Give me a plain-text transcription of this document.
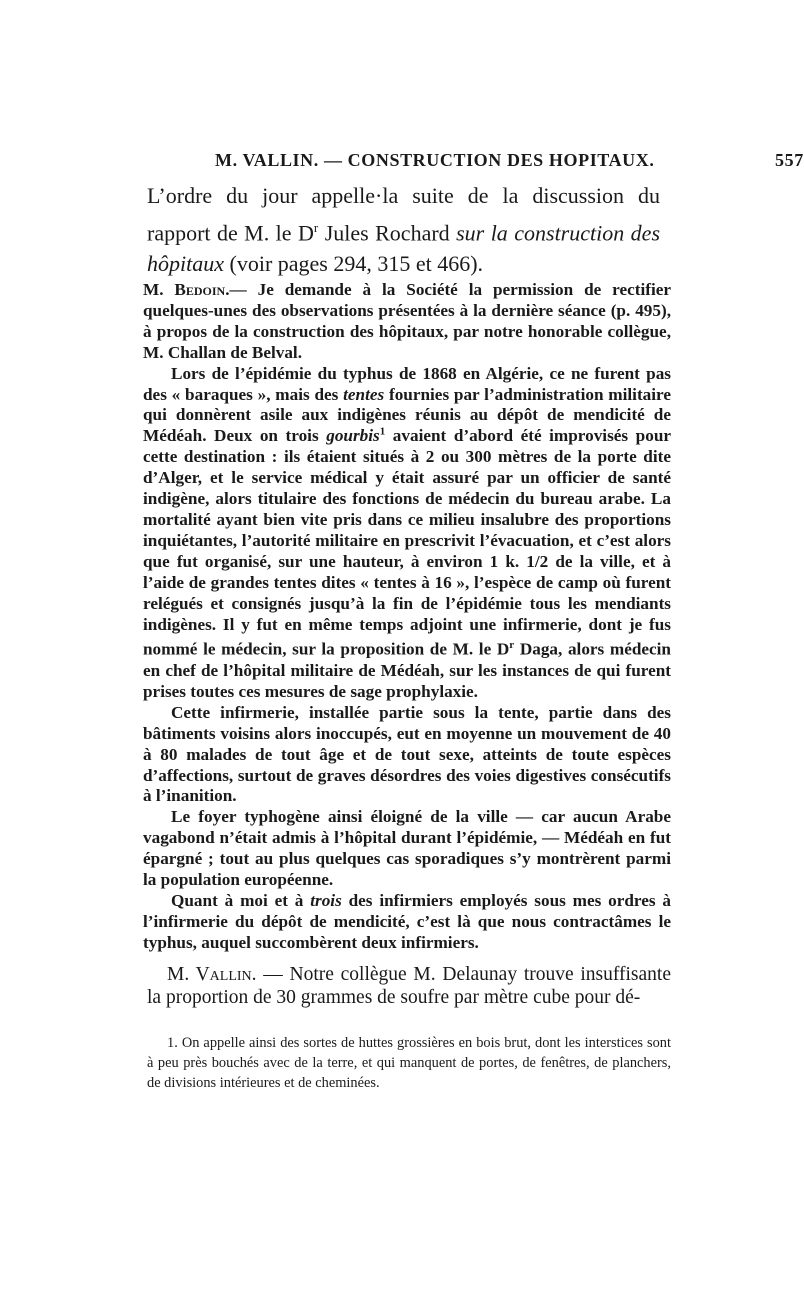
M. VALLIN. — CONSTRUCTION DES HOPITAUX.	557
L’ordre du jour appelle·la suite de la discussion du rapport de M. le $D^r$ Jules Rochard sur la construction des hôpitaux (voir pages 294, 315 et 466).

M. Bedoin.— Je demande à la Société la permission de rectifier quelques-unes des observations présentées à la dernière séance (p. 495), à propos de la construction des hôpitaux, par notre honorable collègue, M. Challan de Belval.

Lors de l’épidémie du typhus de 1868 en Algérie, ce ne furent pas des « baraques », mais des tentes fournies par l’administration militaire qui donnèrent asile aux indigènes réunis au dépôt de mendicité de Médéah. Deux on trois gourbis$^1$ avaient d’abord été improvisés pour cette destination : ils étaient situés à 2 ou 300 mètres de la porte dite d’Alger, et le service médical y était assuré par un officier de santé indigène, alors titulaire des fonctions de médecin du bureau arabe. La mortalité ayant bien vite pris dans ce milieu insalubre des proportions inquiétantes, l’autorité militaire en prescrivit l’évacuation, et c’est alors que fut organisé, sur une hauteur, à environ 1 k. 1/2 de la ville, et à l’aide de grandes tentes dites « tentes à 16 », l’espèce de camp où furent relégués et consignés jusqu’à la fin de l’épidémie tous les mendiants indigènes. Il y fut en même temps adjoint une infirmerie, dont je fus nommé le médecin, sur la proposition de M. le $D^r$ Daga, alors médecin en chef de l’hôpital militaire de Médéah, sur les instances de qui furent prises toutes ces mesures de sage prophylaxie.

Cette infirmerie, installée partie sous la tente, partie dans des bâtiments voisins alors inoccupés, eut en moyenne un mouvement de 40 à 80 malades de tout âge et de tout sexe, atteints de toute espèces d’affections, surtout de graves désordres des voies digestives consécutifs à l’inanition.

Le foyer typhogène ainsi éloigné de la ville — car aucun Arabe vagabond n’était admis à l’hôpital durant l’épidémie, — Médéah en fut épargné ; tout au plus quelques cas sporadiques s’y montrèrent parmi la population européenne.

Quant à moi et à trois des infirmiers employés sous mes ordres à l’infirmerie du dépôt de mendicité, c’est là que nous contractâmes le typhus, auquel succombèrent deux infirmiers.

M. Vallin. — Notre collègue M. Delaunay trouve insuffisante la proportion de 30 grammes de soufre par mètre cube pour dé-

1. On appelle ainsi des sortes de huttes grossières en bois brut, dont les interstices sont à peu près bouchés avec de la terre, et qui manquent de portes, de fenêtres, de planchers, de divisions intérieures et de cheminées.
